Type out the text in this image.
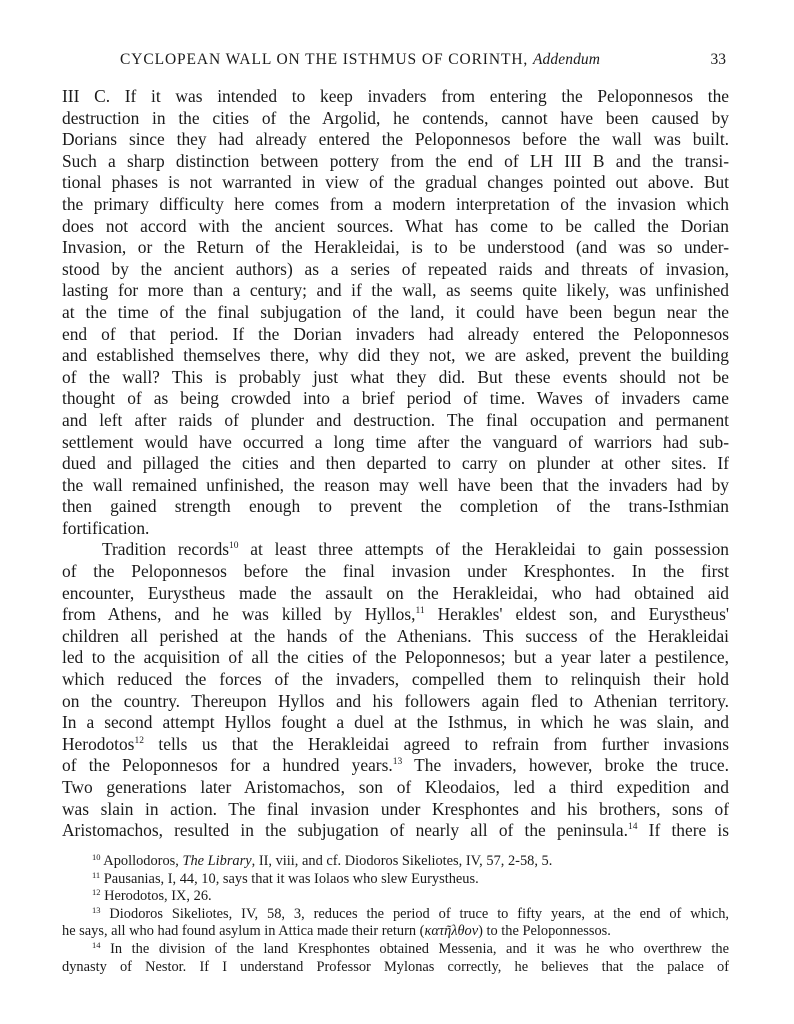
CYCLOPEAN WALL ON THE ISTHMUS OF CORINTH, Addendum	33
III C. If it was intended to keep invaders from entering the Peloponnesos the
destruction in the cities of the Argolid, he contends, cannot have been caused by
Dorians since they had already entered the Peloponnesos before the wall was built.
Such a sharp distinction between pottery from the end of LH III B and the transi-
tional phases is not warranted in view of the gradual changes pointed out above. But
the primary difficulty here comes from a modern interpretation of the invasion which
does not accord with the ancient sources. What has come to be called the Dorian
Invasion, or the Return of the Herakleidai, is to be understood (and was so under-
stood by the ancient authors) as a series of repeated raids and threats of invasion,
lasting for more than a century; and if the wall, as seems quite likely, was unfinished
at the time of the final subjugation of the land, it could have been begun near the
end of that period. If the Dorian invaders had already entered the Peloponnesos
and established themselves there, why did they not, we are asked, prevent the building
of the wall? This is probably just what they did. But these events should not be
thought of as being crowded into a brief period of time. Waves of invaders came
and left after raids of plunder and destruction. The final occupation and permanent
settlement would have occurred a long time after the vanguard of warriors had sub-
dued and pillaged the cities and then departed to carry on plunder at other sites. If
the wall remained unfinished, the reason may well have been that the invaders had by
then gained strength enough to prevent the completion of the trans-Isthmian
fortification.
Tradition records$^{10}$ at least three attempts of the Herakleidai to gain possession
of the Peloponnesos before the final invasion under Kresphontes. In the first
encounter, Eurystheus made the assault on the Herakleidai, who had obtained aid
from Athens, and he was killed by Hyllos,$^{11}$ Herakles' eldest son, and Eurystheus'
children all perished at the hands of the Athenians. This success of the Herakleidai
led to the acquisition of all the cities of the Peloponnesos; but a year later a pestilence,
which reduced the forces of the invaders, compelled them to relinquish their hold
on the country. Thereupon Hyllos and his followers again fled to Athenian territory.
In a second attempt Hyllos fought a duel at the Isthmus, in which he was slain, and
Herodotos$^{12}$ tells us that the Herakleidai agreed to refrain from further invasions
of the Peloponnesos for a hundred years.$^{13}$ The invaders, however, broke the truce.
Two generations later Aristomachos, son of Kleodaios, led a third expedition and
was slain in action. The final invasion under Kresphontes and his brothers, sons of
Aristomachos, resulted in the subjugation of nearly all of the peninsula.$^{14}$ If there is
$^{10}$ Apollodoros, The Library, II, viii, and cf. Diodoros Sikeliotes, IV, 57, 2-58, 5.
$^{11}$ Pausanias, I, 44, 10, says that it was Iolaos who slew Eurystheus.
$^{12}$ Herodotos, IX, 26.
$^{13}$ Diodoros Sikeliotes, IV, 58, 3, reduces the period of truce to fifty years, at the end of which,
he says, all who had found asylum in Attica made their return (κατῆλθον) to the Peloponnessos.
$^{14}$ In the division of the land Kresphontes obtained Messenia, and it was he who overthrew the
dynasty of Nestor. If I understand Professor Mylonas correctly, he believes that the palace of
